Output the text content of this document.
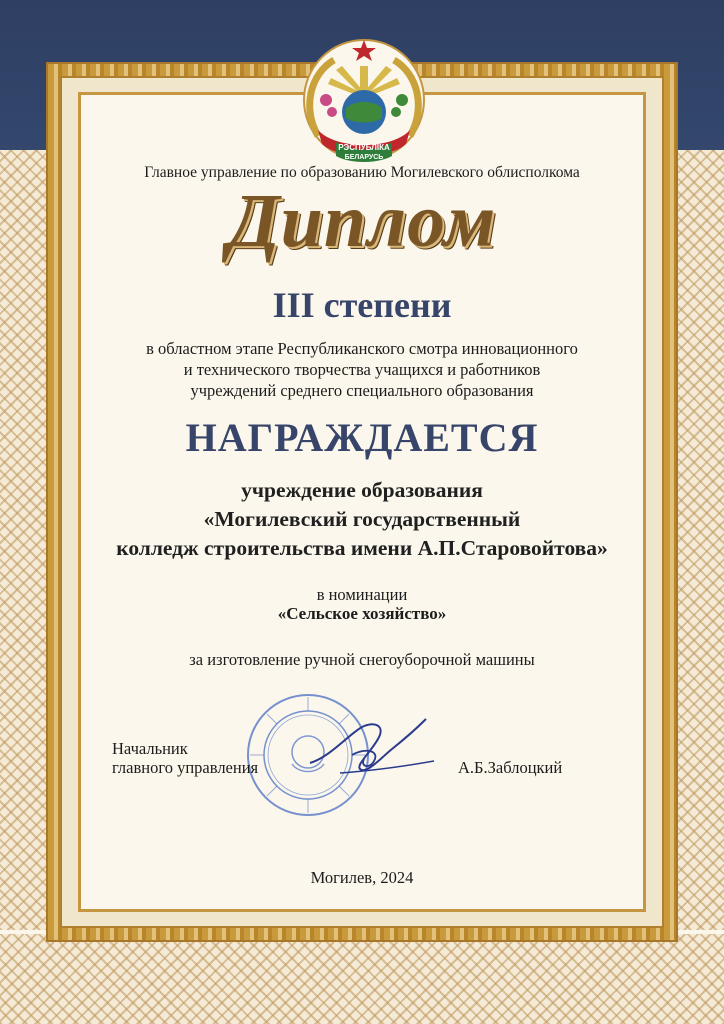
РЭСПУБЛІКА
БЕЛАРУСЬ
Главное управление по образованию Могилевского облисполкома
Диплом
III степени
в областном этапе Республиканского смотра инновационного
и технического творчества учащихся и работников
учреждений среднего специального образования
НАГРАЖДАЕТСЯ
учреждение образования
«Могилевский государственный
колледж строительства имени А.П.Старовойтова»
в номинации
«Сельское хозяйство»
за изготовление ручной снегоуборочной машины
Начальник
главного управления	А.Б.Заблоцкий
Могилев, 2024
